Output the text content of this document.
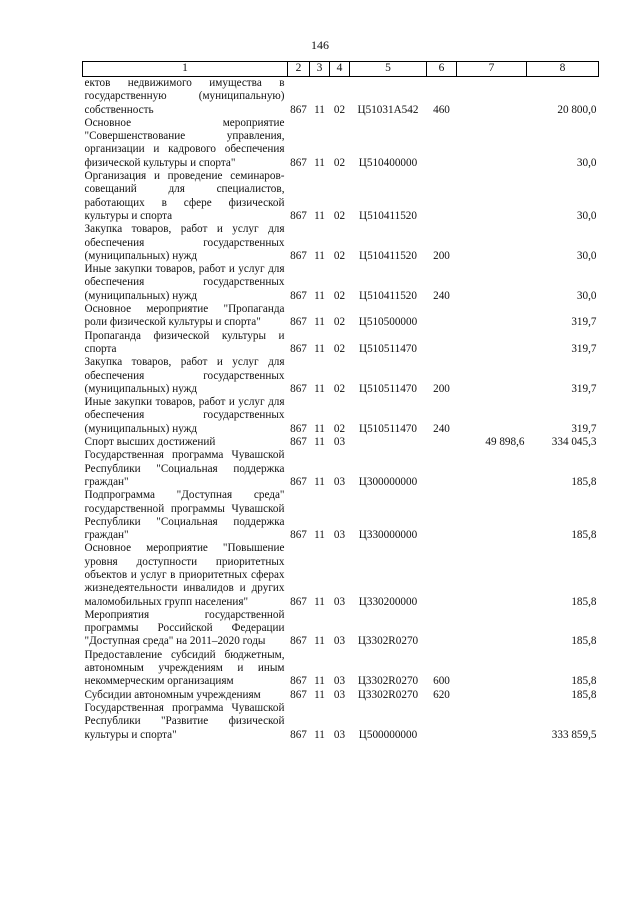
146
1	2	3	4	5	6	7	8
ектов недвижимого имущества в государственную (муниципальную) собственность	867	11	02	Ц51031А542	460		20 800,0
Основное мероприятие "Совершенствование управления, организации и кадрового обеспечения физической культуры и спорта"	867	11	02	Ц510400000			30,0
Организация и проведение семинаров-совещаний для специалистов, работающих в сфере физической культуры и спорта	867	11	02	Ц510411520			30,0
Закупка товаров, работ и услуг для обеспечения государственных (муниципальных) нужд	867	11	02	Ц510411520	200		30,0
Иные закупки товаров, работ и услуг для обеспечения государственных (муниципальных) нужд	867	11	02	Ц510411520	240		30,0
Основное мероприятие "Пропаганда роли физической культуры и спорта"	867	11	02	Ц510500000			319,7
Пропаганда физической культуры и спорта	867	11	02	Ц510511470			319,7
Закупка товаров, работ и услуг для обеспечения государственных (муниципальных) нужд	867	11	02	Ц510511470	200		319,7
Иные закупки товаров, работ и услуг для обеспечения государственных (муниципальных) нужд	867	11	02	Ц510511470	240		319,7
Спорт высших достижений	867	11	03			49 898,6	334 045,3
Государственная программа Чувашской Республики "Социальная поддержка граждан"	867	11	03	Ц300000000			185,8
Подпрограмма "Доступная среда" государственной программы Чувашской Республики "Социальная поддержка граждан"	867	11	03	Ц330000000			185,8
Основное мероприятие "Повышение уровня доступности приоритетных объектов и услуг в приоритетных сферах жизнедеятельности инвалидов и других маломобильных групп населения"	867	11	03	Ц330200000			185,8
Мероприятия государственной программы Российской Федерации "Доступная среда" на 2011–2020 годы	867	11	03	Ц3302R0270			185,8
Предоставление субсидий бюджетным, автономным учреждениям и иным некоммерческим организациям	867	11	03	Ц3302R0270	600		185,8
Субсидии автономным учреждениям	867	11	03	Ц3302R0270	620		185,8
Государственная программа Чувашской Республики "Развитие физической культуры и спорта"	867	11	03	Ц500000000			333 859,5
